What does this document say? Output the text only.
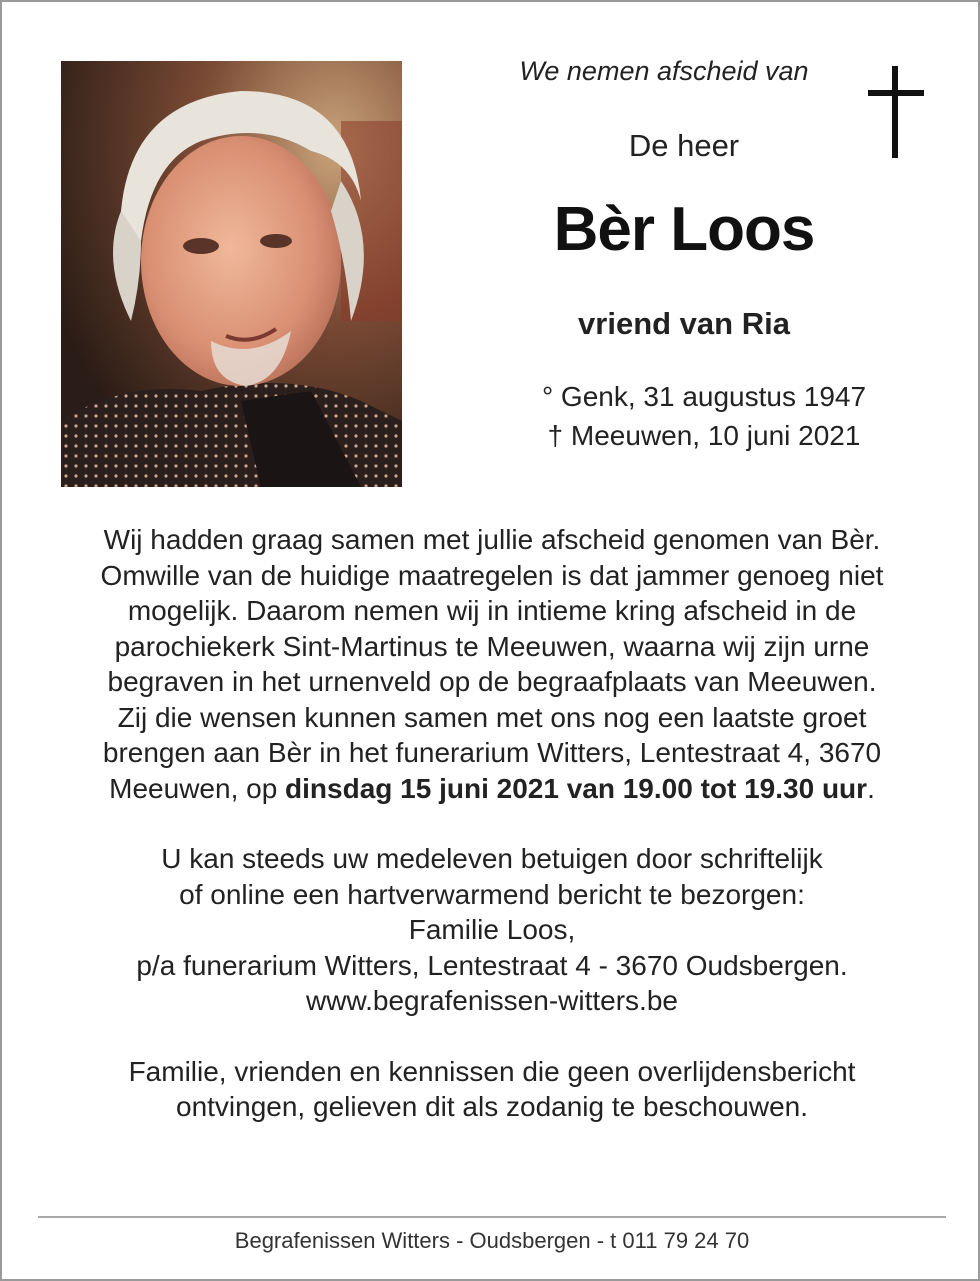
We nemen afscheid van
De heer
Bèr Loos
vriend van Ria
° Genk, 31 augustus 1947
† Meeuwen, 10 juni 2021

Wij hadden graag samen met jullie afscheid genomen van Bèr. Omwille van de huidige maatregelen is dat jammer genoeg niet mogelijk. Daarom nemen wij in intieme kring afscheid in de parochiekerk Sint-Martinus te Meeuwen, waarna wij zijn urne begraven in het urnenveld op de begraafplaats van Meeuwen.

Zij die wensen kunnen samen met ons nog een laatste groet brengen aan Bèr in het funerarium Witters, Lentestraat 4, 3670 Meeuwen, op dinsdag 15 juni 2021 van 19.00 tot 19.30 uur.

U kan steeds uw medeleven betuigen door schriftelijk
of online een hartverwarmend bericht te bezorgen:
Familie Loos,
p/a funerarium Witters, Lentestraat 4 - 3670 Oudsbergen.
www.begrafenissen-witters.be

Familie, vrienden en kennissen die geen overlijdensbericht
ontvingen, gelieven dit als zodanig te beschouwen.

Begrafenissen Witters - Oudsbergen - t 011 79 24 70
